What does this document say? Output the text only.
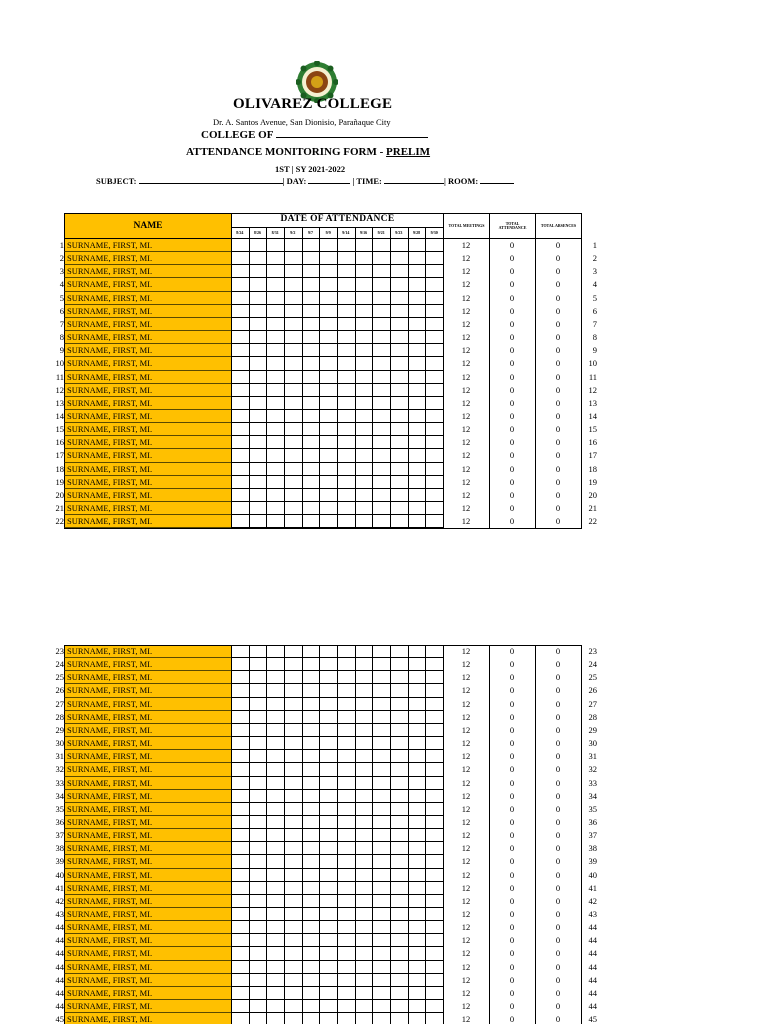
OLIVAREZ COLLEGE
Dr. A. Santos Avenue, San Dionisio, Parañaque City
COLLEGE OF
ATTENDANCE MONITORING FORM - PRELIM
1ST | SY 2021-2022
SUBJECT:	| DAY:	| TIME:	| ROOM:
NAME
DATE OF ATTENDANCE
8/24	8/26	8/31	9/2	9/7	9/9	9/14	9/16	9/21	9/23	9/28	9/30
TOTAL MEETINGS	TOTAL ATTENDANCE	TOTAL ABSENCES
1 SURNAME, FIRST, MI.	12	0	0	1
2 SURNAME, FIRST, MI.	12	0	0	2
3 SURNAME, FIRST, MI.	12	0	0	3
4 SURNAME, FIRST, MI.	12	0	0	4
5 SURNAME, FIRST, MI.	12	0	0	5
6 SURNAME, FIRST, MI.	12	0	0	6
7 SURNAME, FIRST, MI.	12	0	0	7
8 SURNAME, FIRST, MI.	12	0	0	8
9 SURNAME, FIRST, MI.	12	0	0	9
10 SURNAME, FIRST, MI.	12	0	0	10
11 SURNAME, FIRST, MI.	12	0	0	11
12 SURNAME, FIRST, MI.	12	0	0	12
13 SURNAME, FIRST, MI.	12	0	0	13
14 SURNAME, FIRST, MI.	12	0	0	14
15 SURNAME, FIRST, MI.	12	0	0	15
16 SURNAME, FIRST, MI.	12	0	0	16
17 SURNAME, FIRST, MI.	12	0	0	17
18 SURNAME, FIRST, MI.	12	0	0	18
19 SURNAME, FIRST, MI.	12	0	0	19
20 SURNAME, FIRST, MI.	12	0	0	20
21 SURNAME, FIRST, MI.	12	0	0	21
22 SURNAME, FIRST, MI.	12	0	0	22
23 SURNAME, FIRST, MI.	12	0	0	23
24 SURNAME, FIRST, MI.	12	0	0	24
25 SURNAME, FIRST, MI.	12	0	0	25
26 SURNAME, FIRST, MI.	12	0	0	26
27 SURNAME, FIRST, MI.	12	0	0	27
28 SURNAME, FIRST, MI.	12	0	0	28
29 SURNAME, FIRST, MI.	12	0	0	29
30 SURNAME, FIRST, MI.	12	0	0	30
31 SURNAME, FIRST, MI.	12	0	0	31
32 SURNAME, FIRST, MI.	12	0	0	32
33 SURNAME, FIRST, MI.	12	0	0	33
34 SURNAME, FIRST, MI.	12	0	0	34
35 SURNAME, FIRST, MI.	12	0	0	35
36 SURNAME, FIRST, MI.	12	0	0	36
37 SURNAME, FIRST, MI.	12	0	0	37
38 SURNAME, FIRST, MI.	12	0	0	38
39 SURNAME, FIRST, MI.	12	0	0	39
40 SURNAME, FIRST, MI.	12	0	0	40
41 SURNAME, FIRST, MI.	12	0	0	41
42 SURNAME, FIRST, MI.	12	0	0	42
43 SURNAME, FIRST, MI.	12	0	0	43
44 SURNAME, FIRST, MI.	12	0	0	44
44 SURNAME, FIRST, MI.	12	0	0	44
44 SURNAME, FIRST, MI.	12	0	0	44
44 SURNAME, FIRST, MI.	12	0	0	44
44 SURNAME, FIRST, MI.	12	0	0	44
44 SURNAME, FIRST, MI.	12	0	0	44
44 SURNAME, FIRST, MI.	12	0	0	44
45 SURNAME, FIRST, MI.	12	0	0	45
